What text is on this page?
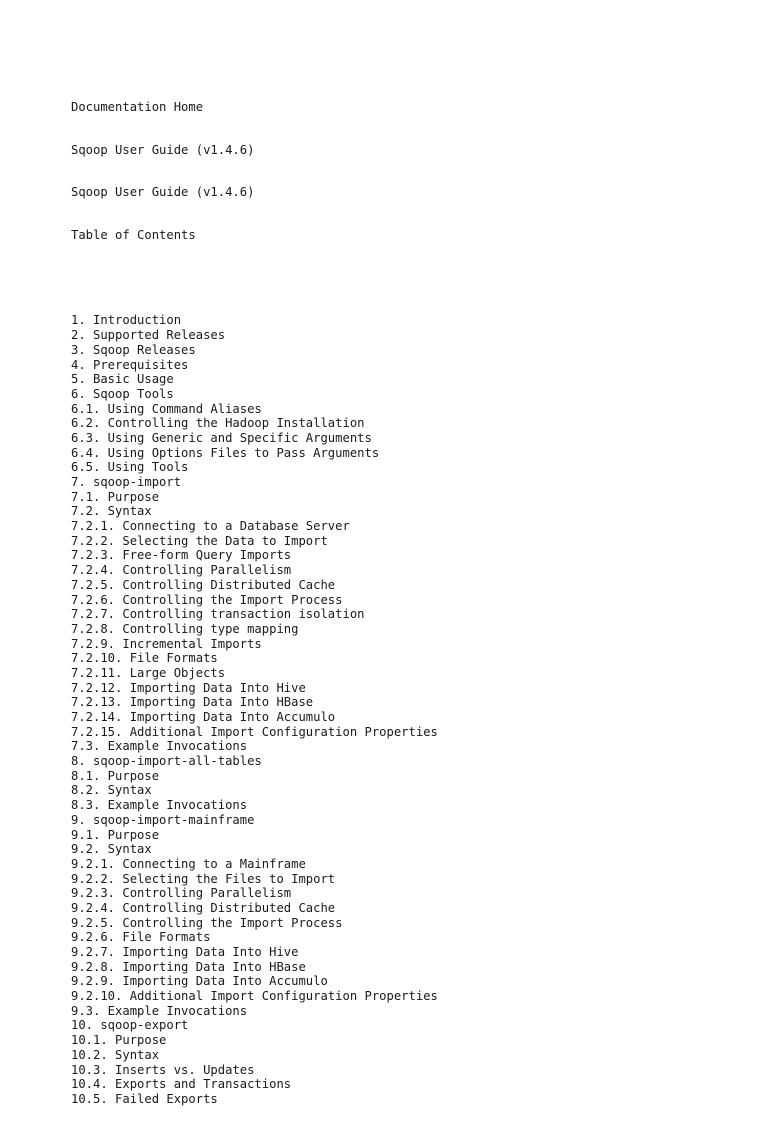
Documentation Home

Sqoop User Guide (v1.4.6)

Sqoop User Guide (v1.4.6)

Table of Contents

1. Introduction
2. Supported Releases
3. Sqoop Releases
4. Prerequisites
5. Basic Usage
6. Sqoop Tools
6.1. Using Command Aliases
6.2. Controlling the Hadoop Installation
6.3. Using Generic and Specific Arguments
6.4. Using Options Files to Pass Arguments
6.5. Using Tools
7. sqoop-import
7.1. Purpose
7.2. Syntax
7.2.1. Connecting to a Database Server
7.2.2. Selecting the Data to Import
7.2.3. Free-form Query Imports
7.2.4. Controlling Parallelism
7.2.5. Controlling Distributed Cache
7.2.6. Controlling the Import Process
7.2.7. Controlling transaction isolation
7.2.8. Controlling type mapping
7.2.9. Incremental Imports
7.2.10. File Formats
7.2.11. Large Objects
7.2.12. Importing Data Into Hive
7.2.13. Importing Data Into HBase
7.2.14. Importing Data Into Accumulo
7.2.15. Additional Import Configuration Properties
7.3. Example Invocations
8. sqoop-import-all-tables
8.1. Purpose
8.2. Syntax
8.3. Example Invocations
9. sqoop-import-mainframe
9.1. Purpose
9.2. Syntax
9.2.1. Connecting to a Mainframe
9.2.2. Selecting the Files to Import
9.2.3. Controlling Parallelism
9.2.4. Controlling Distributed Cache
9.2.5. Controlling the Import Process
9.2.6. File Formats
9.2.7. Importing Data Into Hive
9.2.8. Importing Data Into HBase
9.2.9. Importing Data Into Accumulo
9.2.10. Additional Import Configuration Properties
9.3. Example Invocations
10. sqoop-export
10.1. Purpose
10.2. Syntax
10.3. Inserts vs. Updates
10.4. Exports and Transactions
10.5. Failed Exports
